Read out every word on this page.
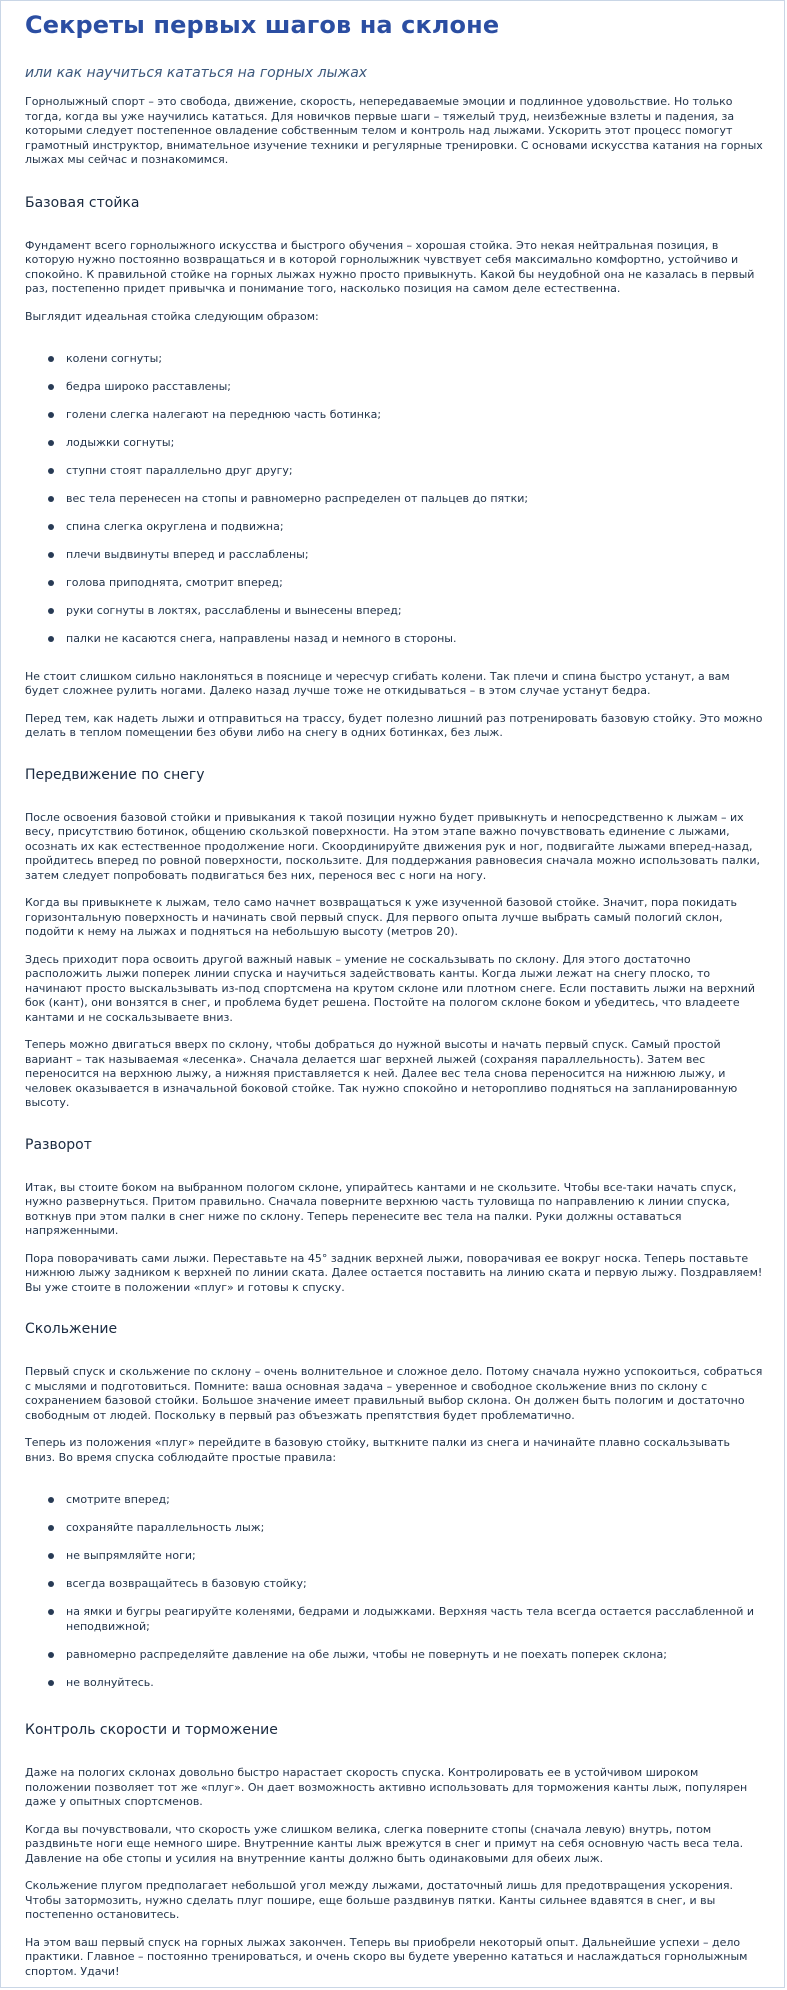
Секреты первых шагов на склоне
или как научиться кататься на горных лыжах

Горнолыжный спорт – это свобода, движение, скорость, непередаваемые эмоции и подлинное удовольствие. Но только тогда, когда вы уже научились кататься. Для новичков первые шаги – тяжелый труд, неизбежные взлеты и падения, за которыми следует постепенное овладение собственным телом и контроль над лыжами. Ускорить этот процесс помогут грамотный инструктор, внимательное изучение техники и регулярные тренировки. С основами искусства катания на горных лыжах мы сейчас и познакомимся.

Базовая стойка

Фундамент всего горнолыжного искусства и быстрого обучения – хорошая стойка. Это некая нейтральная позиция, в которую нужно постоянно возвращаться и в которой горнолыжник чувствует себя максимально комфортно, устойчиво и спокойно. К правильной стойке на горных лыжах нужно просто привыкнуть. Какой бы неудобной она не казалась в первый раз, постепенно придет привычка и понимание того, насколько позиция на самом деле естественна.

Выглядит идеальная стойка следующим образом:

колени согнуты;
бедра широко расставлены;
голени слегка налегают на переднюю часть ботинка;
лодыжки согнуты;
ступни стоят параллельно друг другу;
вес тела перенесен на стопы и равномерно распределен от пальцев до пятки;
спина слегка округлена и подвижна;
плечи выдвинуты вперед и расслаблены;
голова приподнята, смотрит вперед;
руки согнуты в локтях, расслаблены и вынесены вперед;
палки не касаются снега, направлены назад и немного в стороны.

Не стоит слишком сильно наклоняться в пояснице и чересчур сгибать колени. Так плечи и спина быстро устанут, а вам будет сложнее рулить ногами. Далеко назад лучше тоже не откидываться – в этом случае устанут бедра.

Перед тем, как надеть лыжи и отправиться на трассу, будет полезно лишний раз потренировать базовую стойку. Это можно делать в теплом помещении без обуви либо на снегу в одних ботинках, без лыж.

Передвижение по снегу

После освоения базовой стойки и привыкания к такой позиции нужно будет привыкнуть и непосредственно к лыжам – их весу, присутствию ботинок, общению скользкой поверхности. На этом этапе важно почувствовать единение с лыжами, осознать их как естественное продолжение ноги. Скоординируйте движения рук и ног, подвигайте лыжами вперед-назад, пройдитесь вперед по ровной поверхности, поскользите. Для поддержания равновесия сначала можно использовать палки, затем следует попробовать подвигаться без них, перенося вес с ноги на ногу.

Когда вы привыкнете к лыжам, тело само начнет возвращаться к уже изученной базовой стойке. Значит, пора покидать горизонтальную поверхность и начинать свой первый спуск. Для первого опыта лучше выбрать самый пологий склон, подойти к нему на лыжах и подняться на небольшую высоту (метров 20).

Здесь приходит пора освоить другой важный навык – умение не соскальзывать по склону. Для этого достаточно расположить лыжи поперек линии спуска и научиться задействовать канты. Когда лыжи лежат на снегу плоско, то начинают просто выскальзывать из-под спортсмена на крутом склоне или плотном снеге. Если поставить лыжи на верхний бок (кант), они вонзятся в снег, и проблема будет решена. Постойте на пологом склоне боком и убедитесь, что владеете кантами и не соскальзываете вниз.

Теперь можно двигаться вверх по склону, чтобы добраться до нужной высоты и начать первый спуск. Самый простой вариант – так называемая «лесенка». Сначала делается шаг верхней лыжей (сохраняя параллельность). Затем вес переносится на верхнюю лыжу, а нижняя приставляется к ней. Далее вес тела снова переносится на нижнюю лыжу, и человек оказывается в изначальной боковой стойке. Так нужно спокойно и неторопливо подняться на запланированную высоту.

Разворот

Итак, вы стоите боком на выбранном пологом склоне, упирайтесь кантами и не скользите. Чтобы все-таки начать спуск, нужно развернуться. Притом правильно. Сначала поверните верхнюю часть туловища по направлению к линии спуска, воткнув при этом палки в снег ниже по склону. Теперь перенесите вес тела на палки. Руки должны оставаться напряженными.

Пора поворачивать сами лыжи. Переставьте на 45° задник верхней лыжи, поворачивая ее вокруг носка. Теперь поставьте нижнюю лыжу задником к верхней по линии ската. Далее остается поставить на линию ската и первую лыжу. Поздравляем! Вы уже стоите в положении «плуг» и готовы к спуску.

Скольжение

Первый спуск и скольжение по склону – очень волнительное и сложное дело. Потому сначала нужно успокоиться, собраться с мыслями и подготовиться. Помните: ваша основная задача – уверенное и свободное скольжение вниз по склону с сохранением базовой стойки. Большое значение имеет правильный выбор склона. Он должен быть пологим и достаточно свободным от людей. Поскольку в первый раз объезжать препятствия будет проблематично.

Теперь из положения «плуг» перейдите в базовую стойку, выткните палки из снега и начинайте плавно соскальзывать вниз. Во время спуска соблюдайте простые правила:

смотрите вперед;
сохраняйте параллельность лыж;
не выпрямляйте ноги;
всегда возвращайтесь в базовую стойку;
на ямки и бугры реагируйте коленями, бедрами и лодыжками. Верхняя часть тела всегда остается расслабленной и неподвижной;
равномерно распределяйте давление на обе лыжи, чтобы не повернуть и не поехать поперек склона;
не волнуйтесь.
Контроль скорости и торможение

Даже на пологих склонах довольно быстро нарастает скорость спуска. Контролировать ее в устойчивом широком положении позволяет тот же «плуг». Он дает возможность активно использовать для торможения канты лыж, популярен даже у опытных спортсменов.

Когда вы почувствовали, что скорость уже слишком велика, слегка поверните стопы (сначала левую) внутрь, потом раздвиньте ноги еще немного шире. Внутренние канты лыж врежутся в снег и примут на себя основную часть веса тела. Давление на обе стопы и усилия на внутренние канты должно быть одинаковыми для обеих лыж.

Скольжение плугом предполагает небольшой угол между лыжами, достаточный лишь для предотвращения ускорения. Чтобы затормозить, нужно сделать плуг пошире, еще больше раздвинув пятки. Канты сильнее вдавятся в снег, и вы постепенно остановитесь.

На этом ваш первый спуск на горных лыжах закончен. Теперь вы приобрели некоторый опыт. Дальнейшие успехи – дело практики. Главное – постоянно тренироваться, и очень скоро вы будете уверенно кататься и наслаждаться горнолыжным спортом. Удачи!
